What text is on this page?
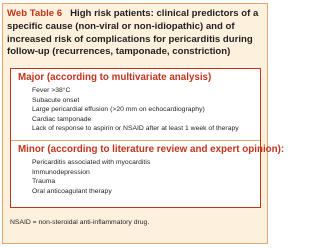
Web Table 6 High risk patients: clinical predictors of a specific cause (non-viral or non-idiopathic) and of increased risk of complications for pericarditis during follow-up (recurrences, tamponade, constriction)
Major (according to multivariate analysis)
Fever >38°C
Subacute onset
Large pericardial effusion (>20 mm on echocardiography)
Cardiac tamponade
Lack of response to aspirin or NSAID after at least 1 week of therapy
Minor (according to literature review and expert opinion):
Pericarditis associated with myocarditis
Immunodepression
Trauma
Oral anticoagulant therapy
NSAID = non-steroidal anti-inflammatory drug.
